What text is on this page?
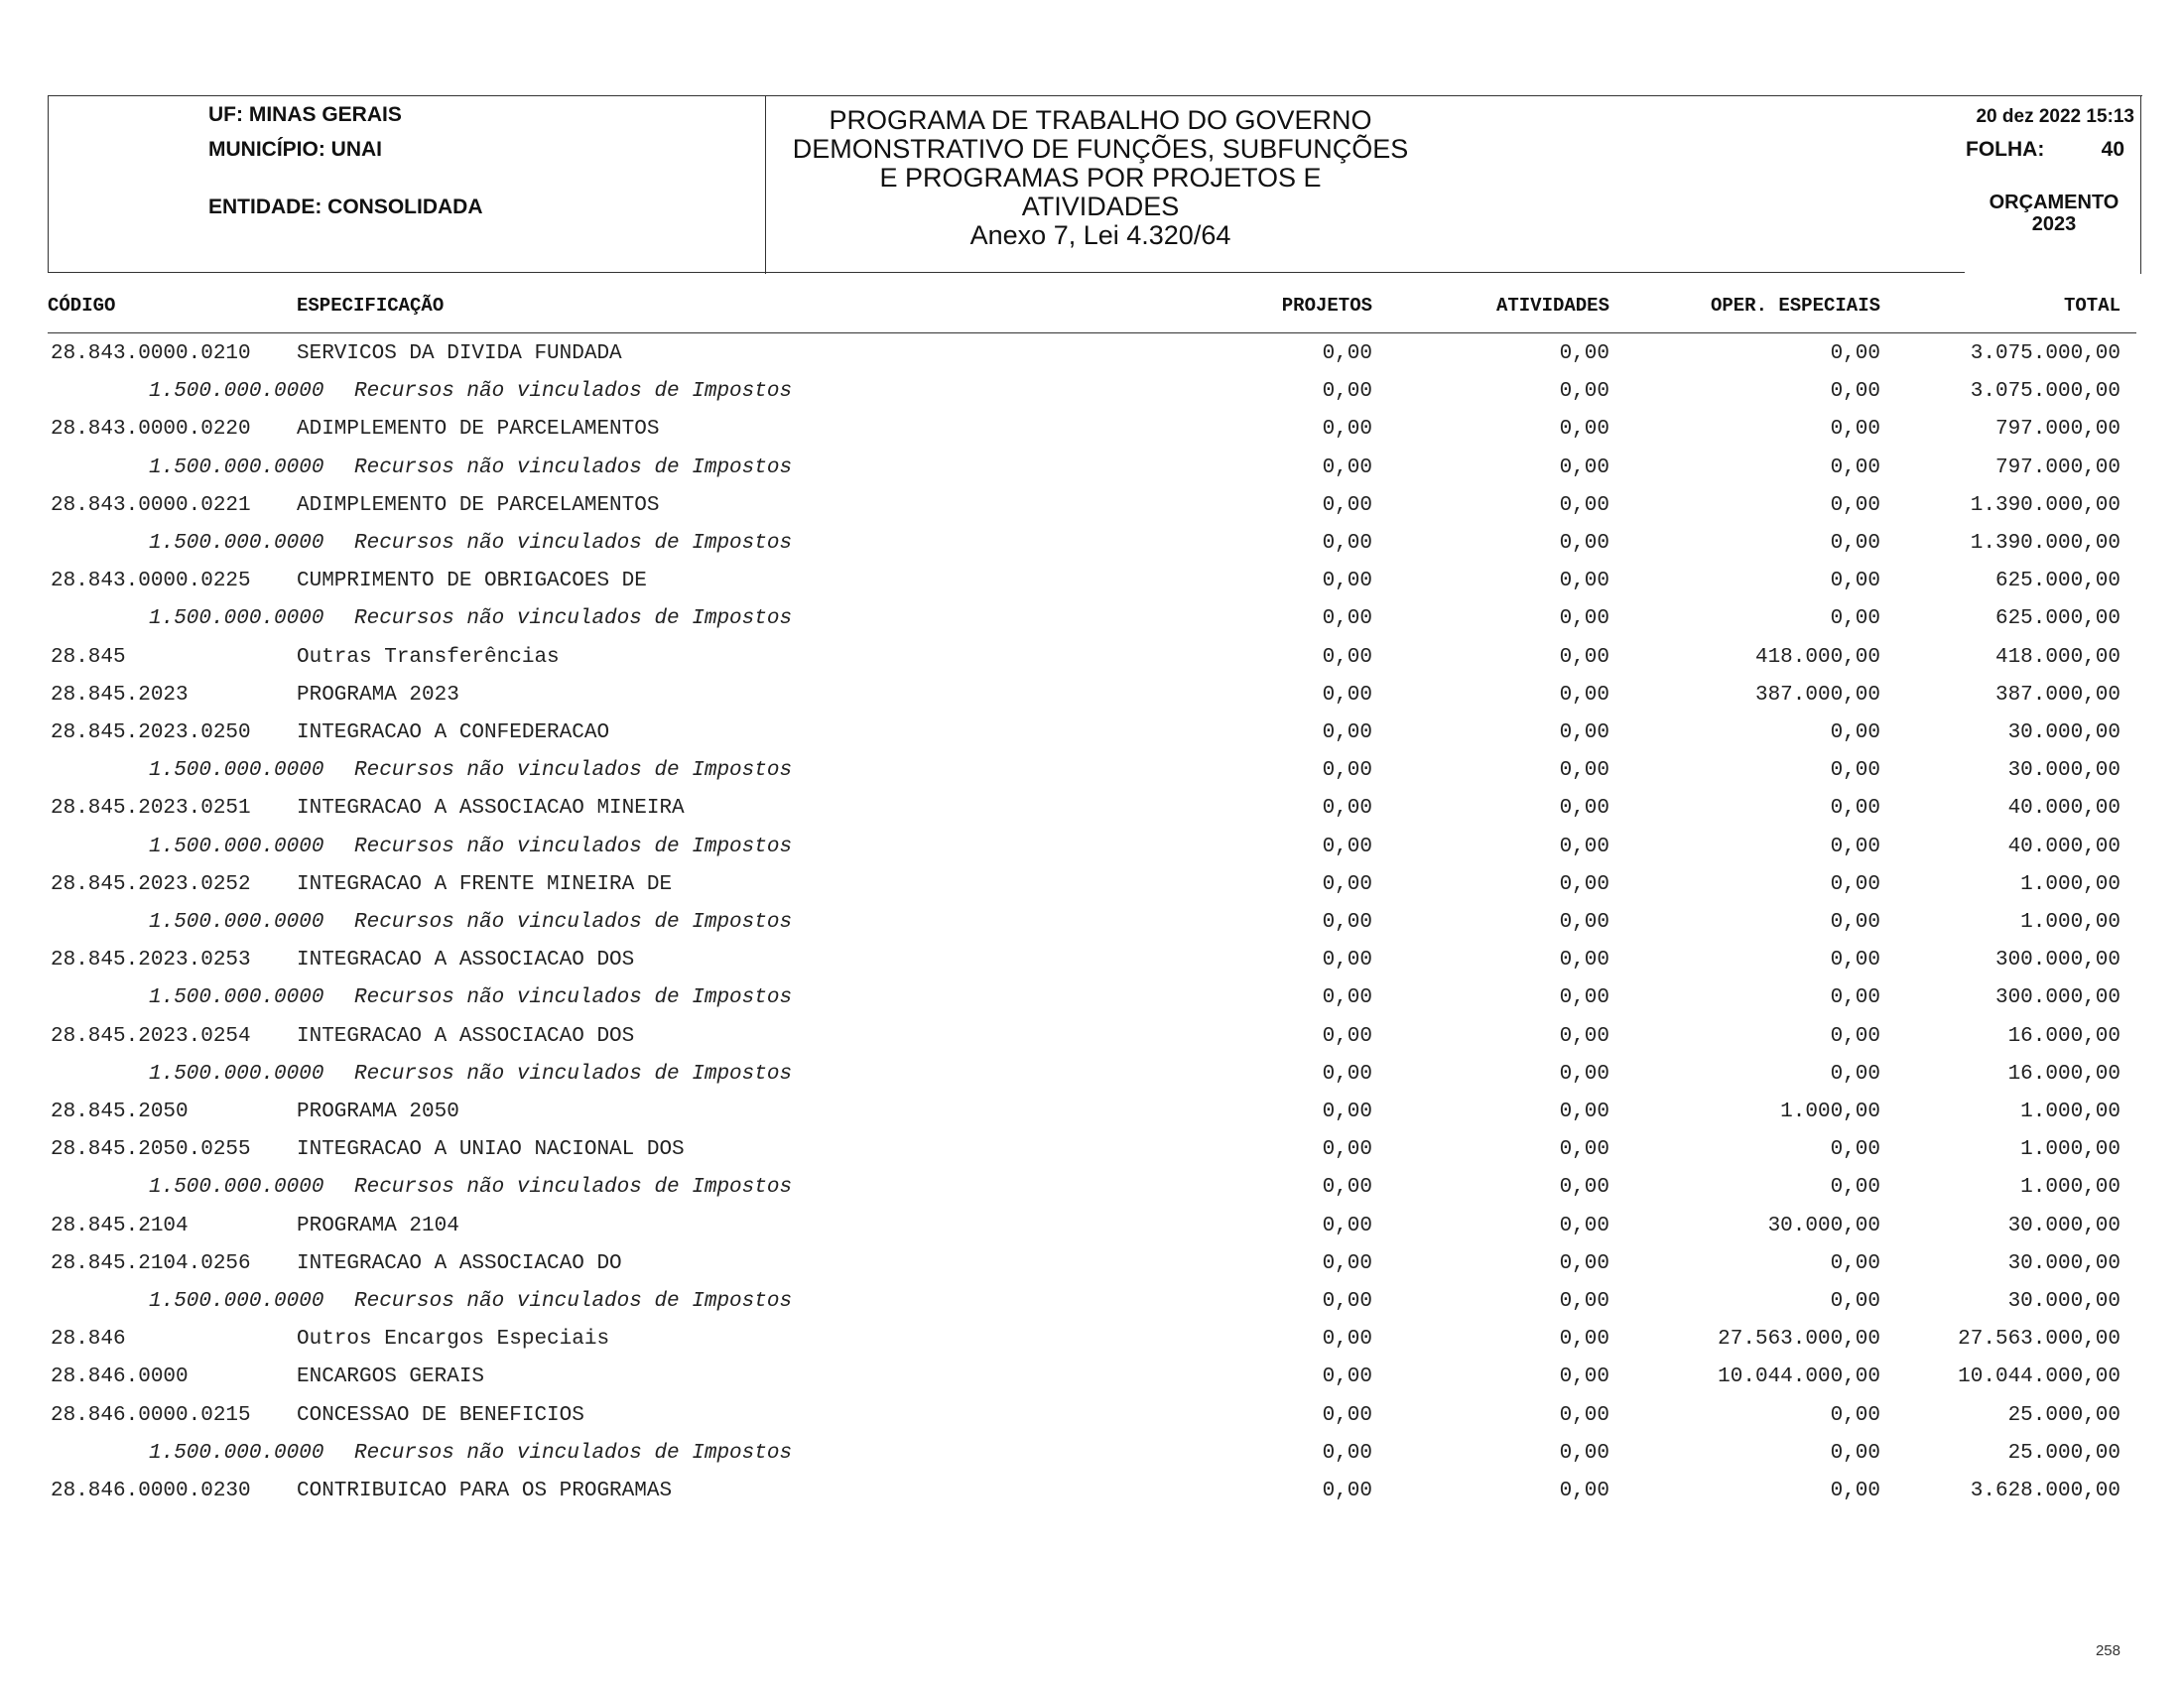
UF: MINAS GERAIS
MUNICÍPIO: UNAI
ENTIDADE: CONSOLIDADA
PROGRAMA DE TRABALHO DO GOVERNO
DEMONSTRATIVO DE FUNÇÕES, SUBFUNÇÕES
E PROGRAMAS POR PROJETOS E
ATIVIDADES
Anexo 7, Lei 4.320/64
20 dez 2022 15:13
FOLHA:	40
ORÇAMENTO
2023
CÓDIGO	ESPECIFICAÇÃO	PROJETOS	ATIVIDADES	OPER. ESPECIAIS	TOTAL
28.843.0000.0210 SERVICOS DA DIVIDA FUNDADA	0,00	0,00	0,00	3.075.000,00
1.500.000.0000 Recursos não vinculados de Impostos	0,00	0,00	0,00	3.075.000,00
28.843.0000.0220 ADIMPLEMENTO DE PARCELAMENTOS	0,00	0,00	0,00	797.000,00
1.500.000.0000 Recursos não vinculados de Impostos	0,00	0,00	0,00	797.000,00
28.843.0000.0221 ADIMPLEMENTO DE PARCELAMENTOS	0,00	0,00	0,00	1.390.000,00
1.500.000.0000 Recursos não vinculados de Impostos	0,00	0,00	0,00	1.390.000,00
28.843.0000.0225 CUMPRIMENTO DE OBRIGACOES DE	0,00	0,00	0,00	625.000,00
1.500.000.0000 Recursos não vinculados de Impostos	0,00	0,00	0,00	625.000,00
28.845	Outras Transferências	0,00	0,00	418.000,00	418.000,00
28.845.2023	PROGRAMA 2023	0,00	0,00	387.000,00	387.000,00
28.845.2023.0250 INTEGRACAO A CONFEDERACAO	0,00	0,00	0,00	30.000,00
1.500.000.0000 Recursos não vinculados de Impostos	0,00	0,00	0,00	30.000,00
28.845.2023.0251 INTEGRACAO A ASSOCIACAO MINEIRA	0,00	0,00	0,00	40.000,00
1.500.000.0000 Recursos não vinculados de Impostos	0,00	0,00	0,00	40.000,00
28.845.2023.0252 INTEGRACAO A FRENTE MINEIRA DE	0,00	0,00	0,00	1.000,00
1.500.000.0000 Recursos não vinculados de Impostos	0,00	0,00	0,00	1.000,00
28.845.2023.0253 INTEGRACAO A ASSOCIACAO DOS	0,00	0,00	0,00	300.000,00
1.500.000.0000 Recursos não vinculados de Impostos	0,00	0,00	0,00	300.000,00
28.845.2023.0254 INTEGRACAO A ASSOCIACAO DOS	0,00	0,00	0,00	16.000,00
1.500.000.0000 Recursos não vinculados de Impostos	0,00	0,00	0,00	16.000,00
28.845.2050	PROGRAMA 2050	0,00	0,00	1.000,00	1.000,00
28.845.2050.0255 INTEGRACAO A UNIAO NACIONAL DOS	0,00	0,00	0,00	1.000,00
1.500.000.0000 Recursos não vinculados de Impostos	0,00	0,00	0,00	1.000,00
28.845.2104	PROGRAMA 2104	0,00	0,00	30.000,00	30.000,00
28.845.2104.0256 INTEGRACAO A ASSOCIACAO DO	0,00	0,00	0,00	30.000,00
1.500.000.0000 Recursos não vinculados de Impostos	0,00	0,00	0,00	30.000,00
28.846	Outros Encargos Especiais	0,00	0,00	27.563.000,00	27.563.000,00
28.846.0000	ENCARGOS GERAIS	0,00	0,00	10.044.000,00	10.044.000,00
28.846.0000.0215 CONCESSAO DE BENEFICIOS	0,00	0,00	0,00	25.000,00
1.500.000.0000 Recursos não vinculados de Impostos	0,00	0,00	0,00	25.000,00
28.846.0000.0230 CONTRIBUICAO PARA OS PROGRAMAS	0,00	0,00	0,00	3.628.000,00
258
